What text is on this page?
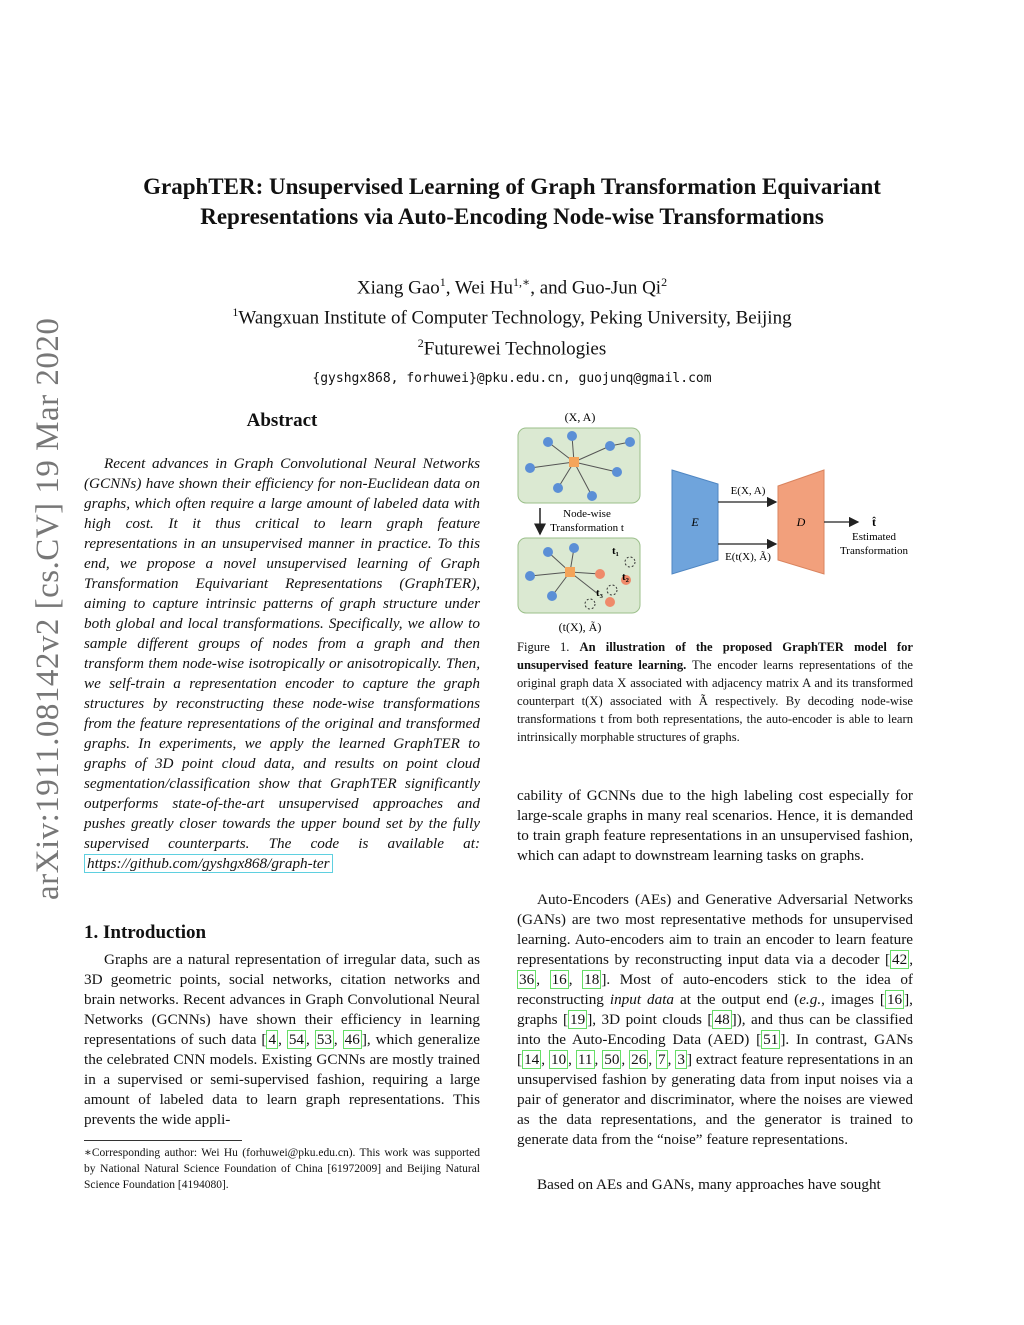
arXiv:1911.08142v2 [cs.CV] 19 Mar 2020
GraphTER: Unsupervised Learning of Graph Transformation Equivariant
Representations via Auto-Encoding Node-wise Transformations
Xiang Gao$^1$, Wei $Hu^{1,∗}$, and Guo-Jun Qi$^2$
$^1$Wangxuan Institute of Computer Technology, Peking University, Beijing
$^2$Futurewei Technologies
{gyshgx868, forhuwei}@pku.edu.cn, guojunq@gmail.com
Abstract

Recent advances in Graph Convolutional Neural Networks (GCNNs) have shown their efficiency for non-Euclidean data on graphs, which often require a large amount of labeled data with high cost. It it thus critical to learn graph feature representations in an unsupervised manner in practice. To this end, we propose a novel unsupervised learning of Graph Transformation Equivariant Representations (GraphTER), aiming to capture intrinsic patterns of graph structure under both global and local transformations. Specifically, we allow to sample different groups of nodes from a graph and then transform them node-wise isotropically or anisotropically. Then, we self-train a representation encoder to capture the graph structures by reconstructing these node-wise transformations from the feature representations of the original and transformed graphs. In experiments, we apply the learned GraphTER to graphs of 3D point cloud data, and results on point cloud segmentation/classification show that GraphTER significantly outperforms state-of-the-art unsupervised approaches and pushes greatly closer towards the upper bound set by the fully supervised counterparts. The code is available at: https://github.com/gyshgx868/graph-ter

1. Introduction

Graphs are a natural representation of irregular data, such as 3D geometric points, social networks, citation networks and brain networks. Recent advances in Graph Convolutional Neural Networks (GCNNs) have shown their efficiency in learning representations of such data [ 4 , 54 , 53 , 46 ], which generalize the celebrated CNN models. Existing GCNNs are mostly trained in a supervised or semi-supervised fashion, requiring a large amount of labeled data to learn graph representations. This prevents the wide appli-

∗Corresponding author: Wei Hu (forhuwei@pku.edu.cn). This work was supported by National Natural Science Foundation of China [61972009] and Beijing Natural Science Foundation [4194080].
(X, A)
Node-wise
Transformation t
t₁
t₂
t₃
(t(X), Ã)
E
E(X, A)
E(t(X), Ã)
D	t̂
Estimated
Transformation

Figure 1. An illustration of the proposed GraphTER model for unsupervised feature learning. The encoder learns representations of the original graph data X associated with adjacency matrix A and its transformed counterpart t(X) associated with Ã respectively. By decoding node-wise transformations t from both representations, the auto-encoder is able to learn intrinsically morphable structures of graphs.

cability of GCNNs due to the high labeling cost especially for large-scale graphs in many real scenarios. Hence, it is demanded to train graph feature representations in an unsupervised fashion, which can adapt to downstream learning tasks on graphs.

Auto-Encoders (AEs) and Generative Adversarial Networks (GANs) are two most representative methods for unsupervised learning. Auto-encoders aim to train an encoder to learn feature representations by reconstructing input data via a decoder [ 42 , 36 , 16 , 18 ]. Most of auto-encoders stick to the idea of reconstructing input data at the output end (e.g., images [ 16 ], graphs [ 19 ], 3D point clouds [ 48 ]), and thus can be classified into the Auto-Encoding Data (AED) [ 51 ]. In contrast, GANs [ 14 , 10 , 11 , 50 , 26 , 7 , 3 ] extract feature representations in an unsupervised fashion by generating data from input noises via a pair of generator and discriminator, where the noises are viewed as the data representations, and the generator is trained to generate data from the “noise” feature representations.

Based on AEs and GANs, many approaches have sought
